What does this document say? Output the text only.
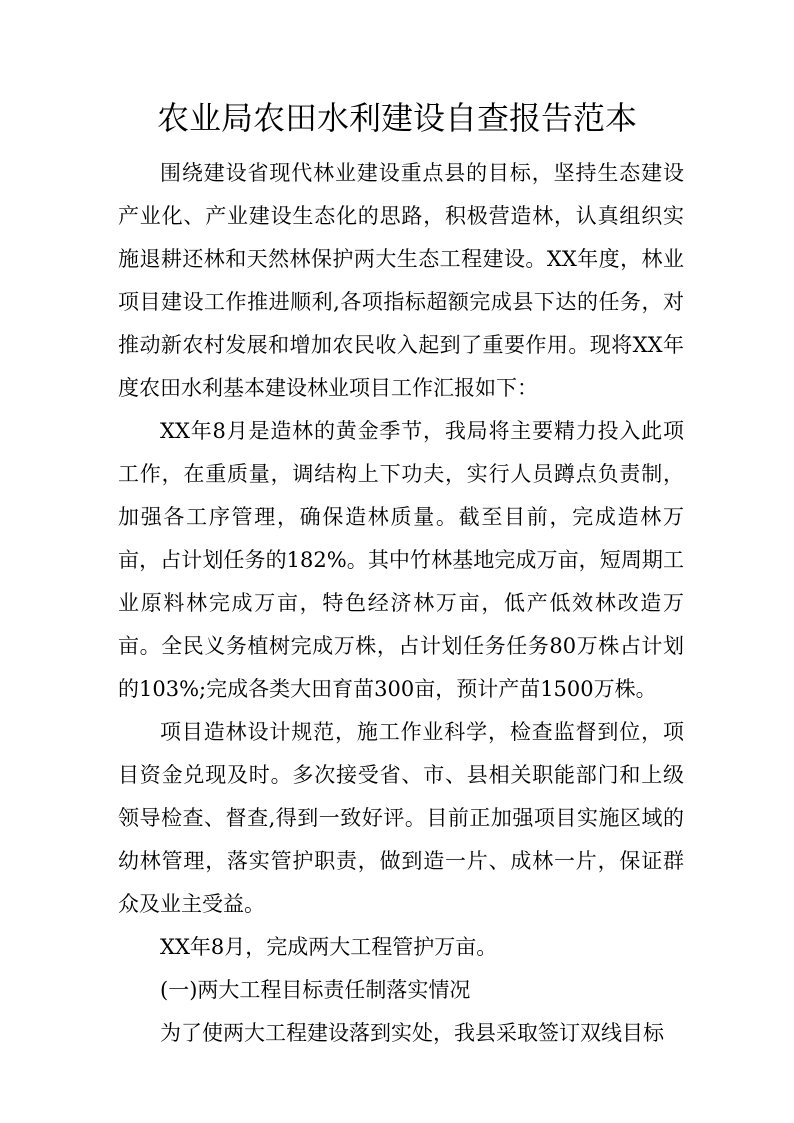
农业局农田水利建设自查报告范本

围绕建设省现代林业建设重点县的目标，坚持生态建设产业化、产业建设生态化的思路，积极营造林，认真组织实施退耕还林和天然林保护两大生态工程建设。XX年度，林业项目建设工作推进顺利,各项指标超额完成县下达的任务，对推动新农村发展和增加农民收入起到了重要作用。现将XX年度农田水利基本建设林业项目工作汇报如下：

XX年8月是造林的黄金季节，我局将主要精力投入此项工作，在重质量，调结构上下功夫，实行人员蹲点负责制，加强各工序管理，确保造林质量。截至目前，完成造林万亩，占计划任务的182%。其中竹林基地完成万亩，短周期工业原料林完成万亩，特色经济林万亩，低产低效林改造万亩。全民义务植树完成万株，占计划任务任务80万株占计划的103%;完成各类大田育苗300亩，预计产苗1500万株。

项目造林设计规范，施工作业科学，检查监督到位，项目资金兑现及时。多次接受省、市、县相关职能部门和上级领导检查、督查,得到一致好评。目前正加强项目实施区域的幼林管理，落实管护职责，做到造一片、成林一片，保证群众及业主受益。

XX年8月，完成两大工程管护万亩。

(一)两大工程目标责任制落实情况

为了使两大工程建设落到实处，我县采取签订双线目标
